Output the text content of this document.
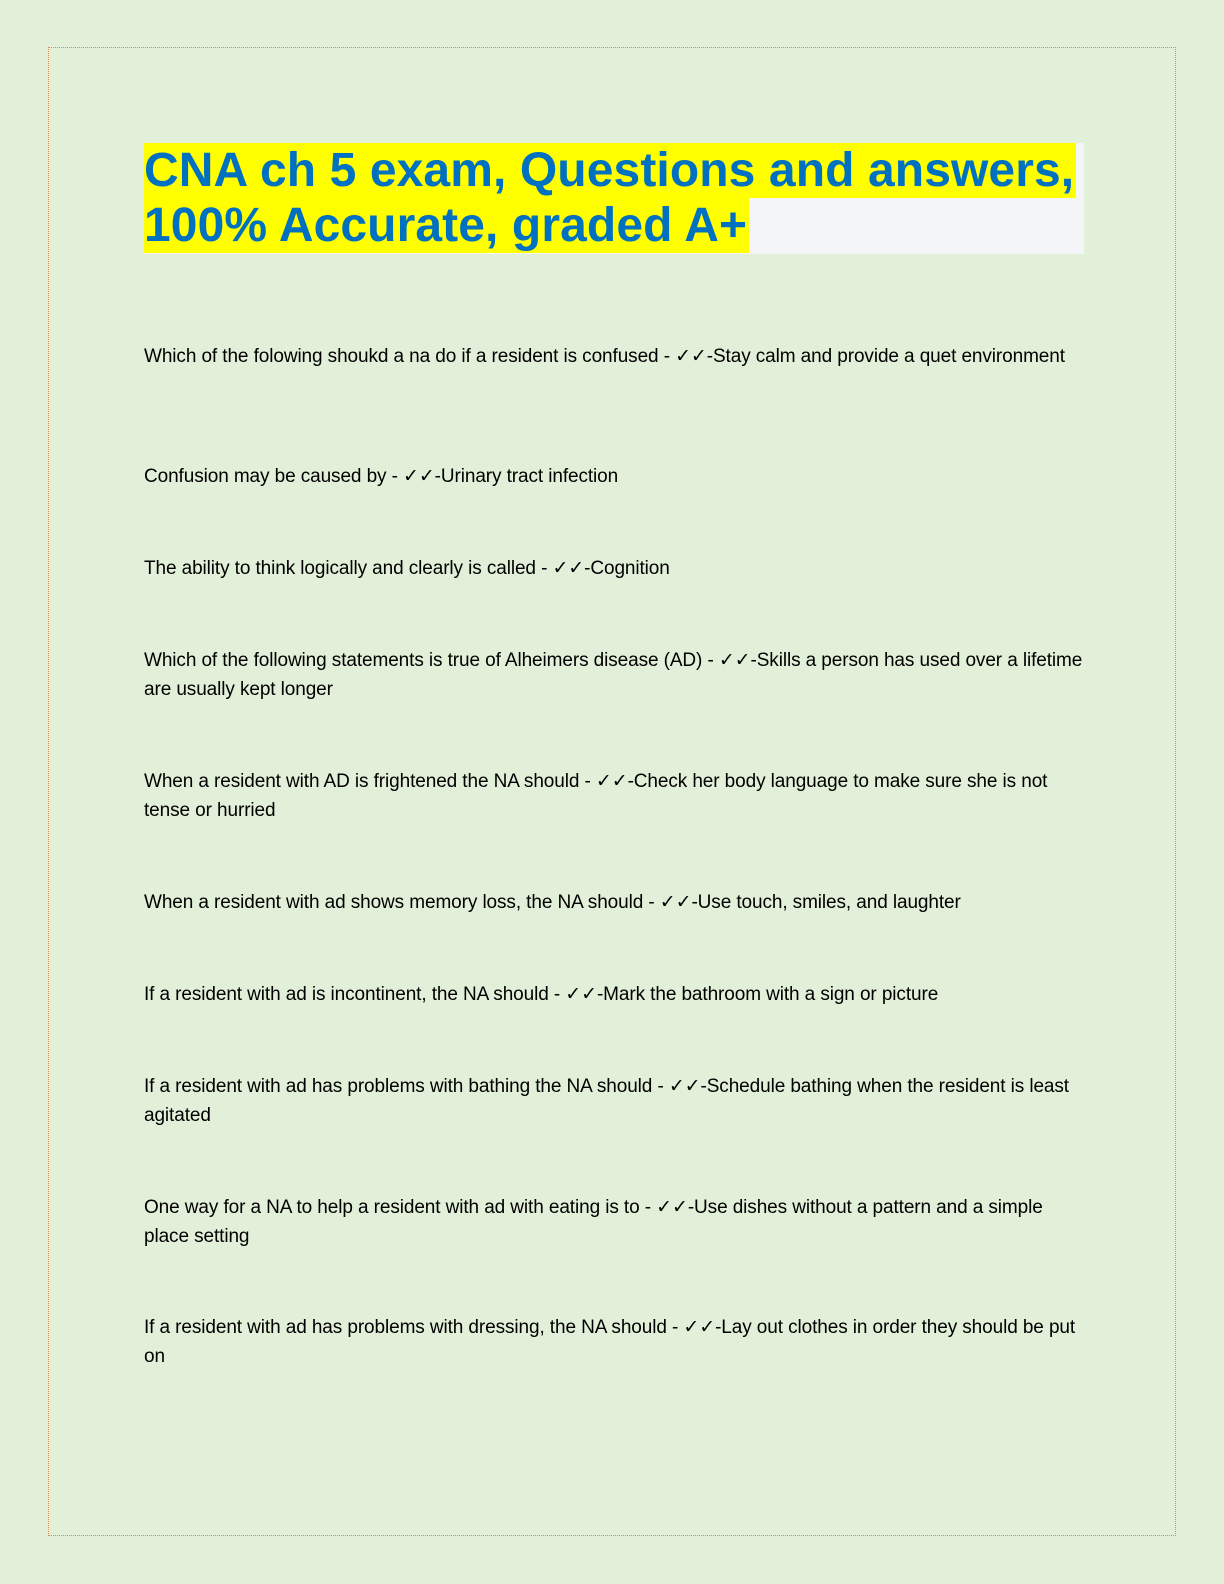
CNA ch 5 exam, Questions and answers,
100% Accurate, graded A+
Which of the folowing shoukd a na do if a resident is confused - ✓✓-Stay calm and provide a quet environment
Confusion may be caused by - ✓✓-Urinary tract infection
The ability to think logically and clearly is called - ✓✓-Cognition
Which of the following statements is true of Alheimers disease (AD) - ✓✓-Skills a person has used over a lifetime are usually kept longer
When a resident with AD is frightened the NA should - ✓✓-Check her body language to make sure she is not tense or hurried
When a resident with ad shows memory loss, the NA should - ✓✓-Use touch, smiles, and laughter
If a resident with ad is incontinent, the NA should - ✓✓-Mark the bathroom with a sign or picture
If a resident with ad has problems with bathing the NA should - ✓✓-Schedule bathing when the resident is least agitated
One way for a NA to help a resident with ad with eating is to - ✓✓-Use dishes without a pattern and a simple place setting
If a resident with ad has problems with dressing, the NA should - ✓✓-Lay out clothes in order they should be put on
